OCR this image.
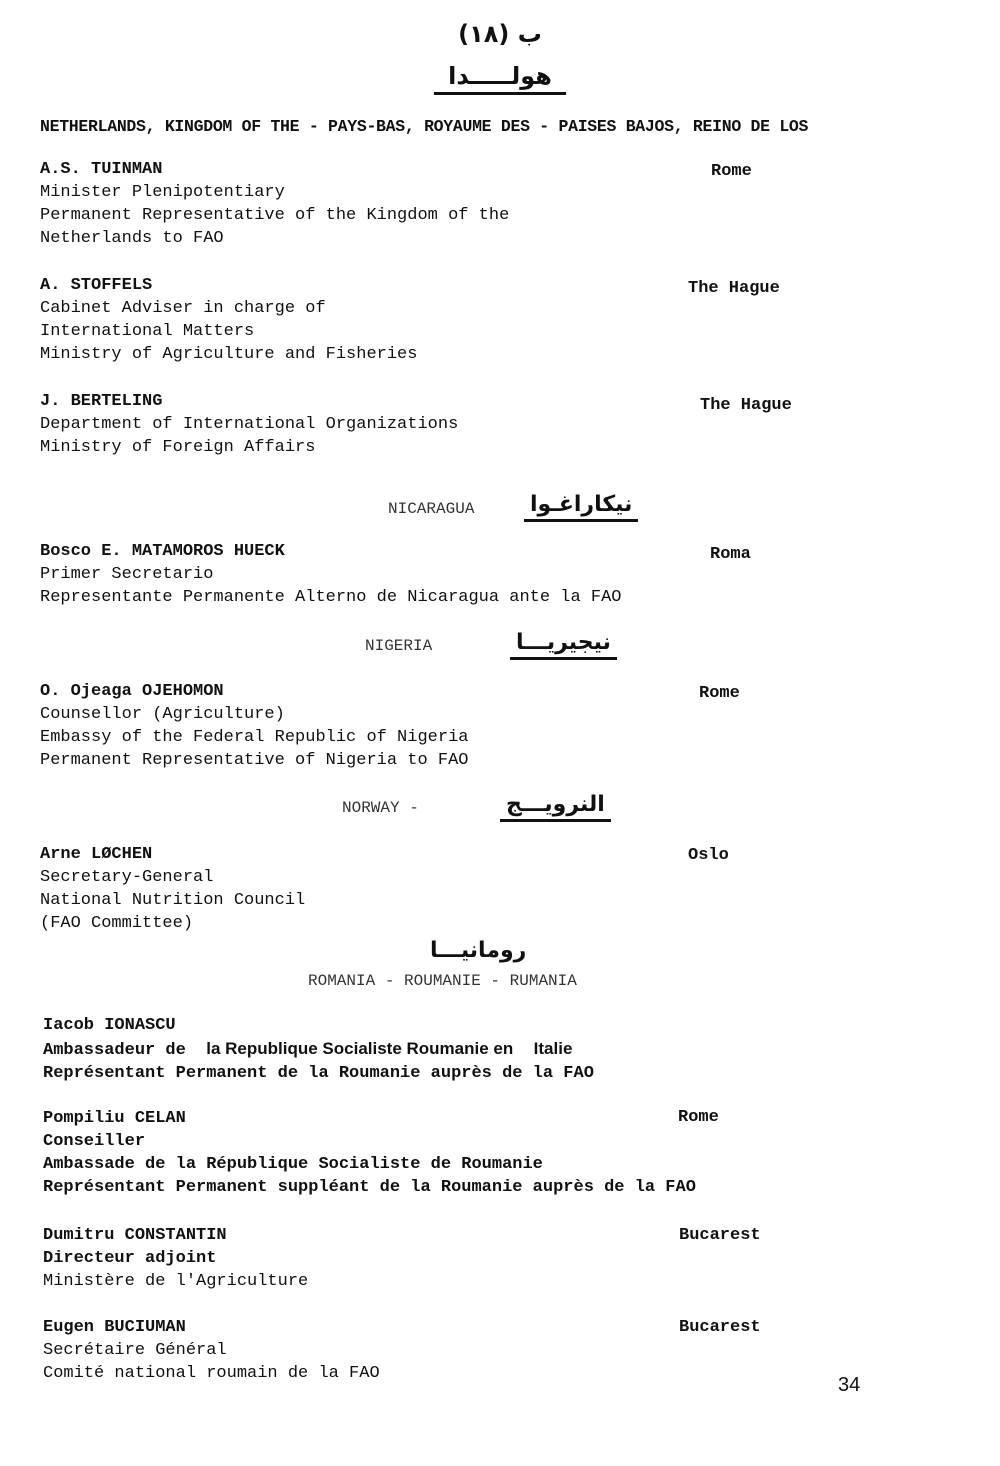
ب (١٨)
هولـــــدا
NETHERLANDS, KINGDOM OF THE - PAYS-BAS, ROYAUME DES - PAISES BAJOS, REINO DE LOS
A.S. TUINMAN
Minister Plenipotentiary
Permanent Representative of the Kingdom of the
Netherlands to FAO
Rome
A. STOFFELS
Cabinet Adviser in charge of
International Matters
Ministry of Agriculture and Fisheries
The Hague
J. BERTELING
Department of International Organizations
Ministry of Foreign Affairs
The Hague
NICARAGUA	نيكاراغـوا
Bosco E. MATAMOROS HUECK
Primer Secretario
Representante Permanente Alterno de Nicaragua ante la FAO
Roma
NIGERIA	نيجيريـــا
O. Ojeaga OJEHOMON
Counsellor (Agriculture)
Embassy of the Federal Republic of Nigeria
Permanent Representative of Nigeria to FAO
Rome
NORWAY -	النرويـــج
Arne LØCHEN
Secretary-General
National Nutrition Council
(FAO Committee)
Oslo
رومانيـــا
ROMANIA - ROUMANIE - RUMANIA
Iacob IONASCU
Ambassadeur de la Republique Socialiste Roumanie en Italie
Représentant Permanent de la Roumanie auprès de la FAO
Pompiliu CELAN
Conseiller
Ambassade de la République Socialiste de Roumanie
Représentant Permanent suppléant de la Roumanie auprès de la FAO
Rome
Dumitru CONSTANTIN
Directeur adjoint
Ministère de l'Agriculture
Bucarest
Eugen BUCIUMAN
Secrétaire Général
Comité national roumain de la FAO
Bucarest
34
